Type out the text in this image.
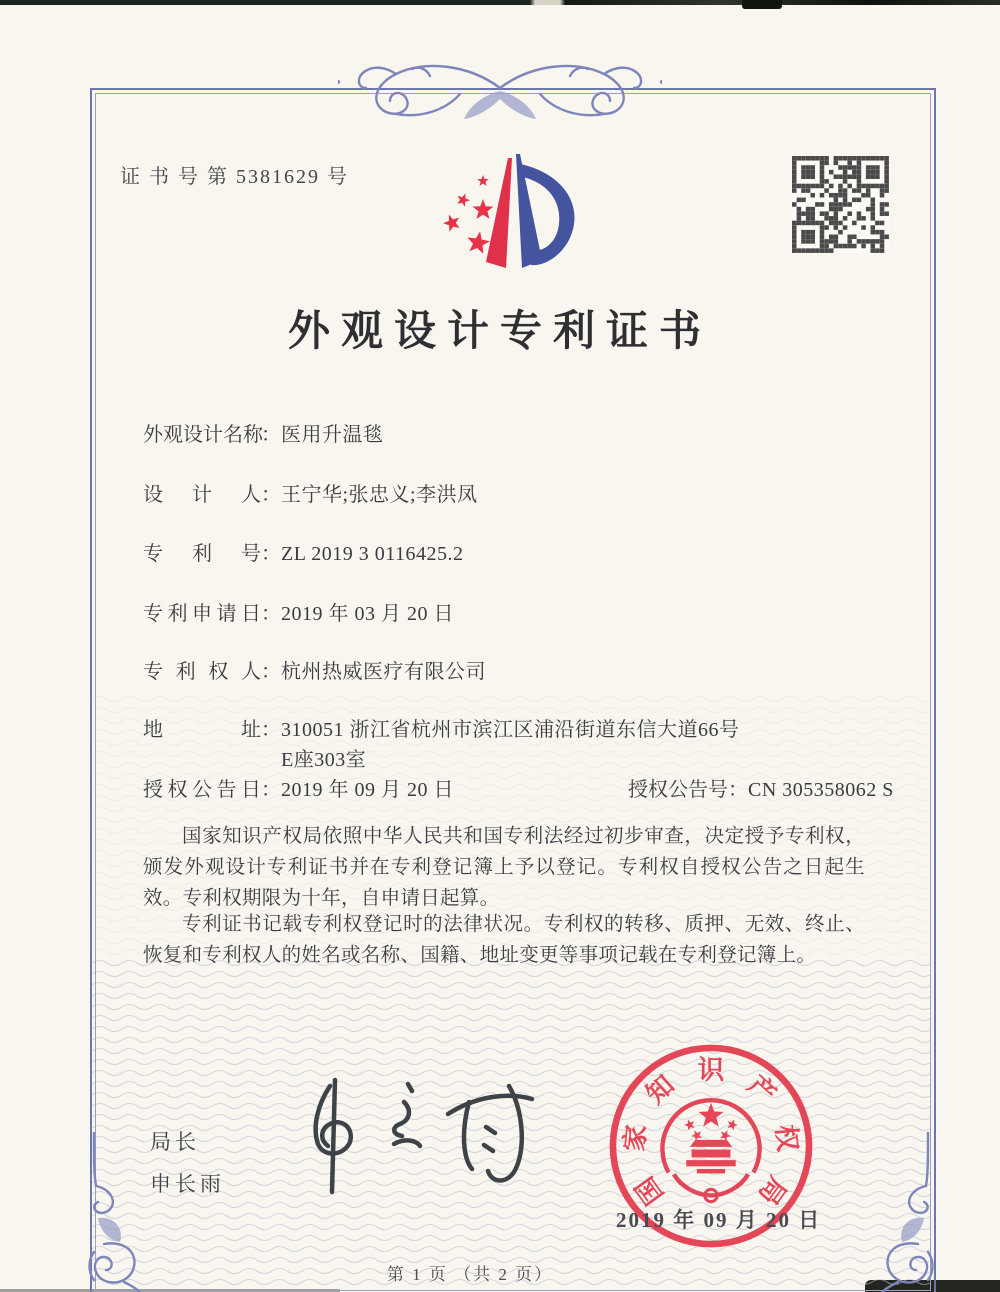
证 书 号 第 5381629 号
外观设计专利证书
外观设计名称：医用升温毯
设计人：王宁华;张忠义;李洪凤
专利号：ZL 2019 3 0116425.2
专利申请日：2019 年 03 月 20 日
专利权人：杭州热威医疗有限公司
地址：310051 浙江省杭州市滨江区浦沿街道东信大道66号E座303室
授权公告日：2019 年 09 月 20 日	授权公告号：CN 305358062 S
国家知识产权局依照中华人民共和国专利法经过初步审查，决定授予专利权，颁发外观设计专利证书并在专利登记簿上予以登记。专利权自授权公告之日起生效。专利权期限为十年，自申请日起算。
专利证书记载专利权登记时的法律状况。专利权的转移、质押、无效、终止、恢复和专利权人的姓名或名称、国籍、地址变更等事项记载在专利登记簿上。
局长
申长雨	国
家
知 识 产
权
局
2019 年 09 月 20 日
第 1 页 （共 2 页）
